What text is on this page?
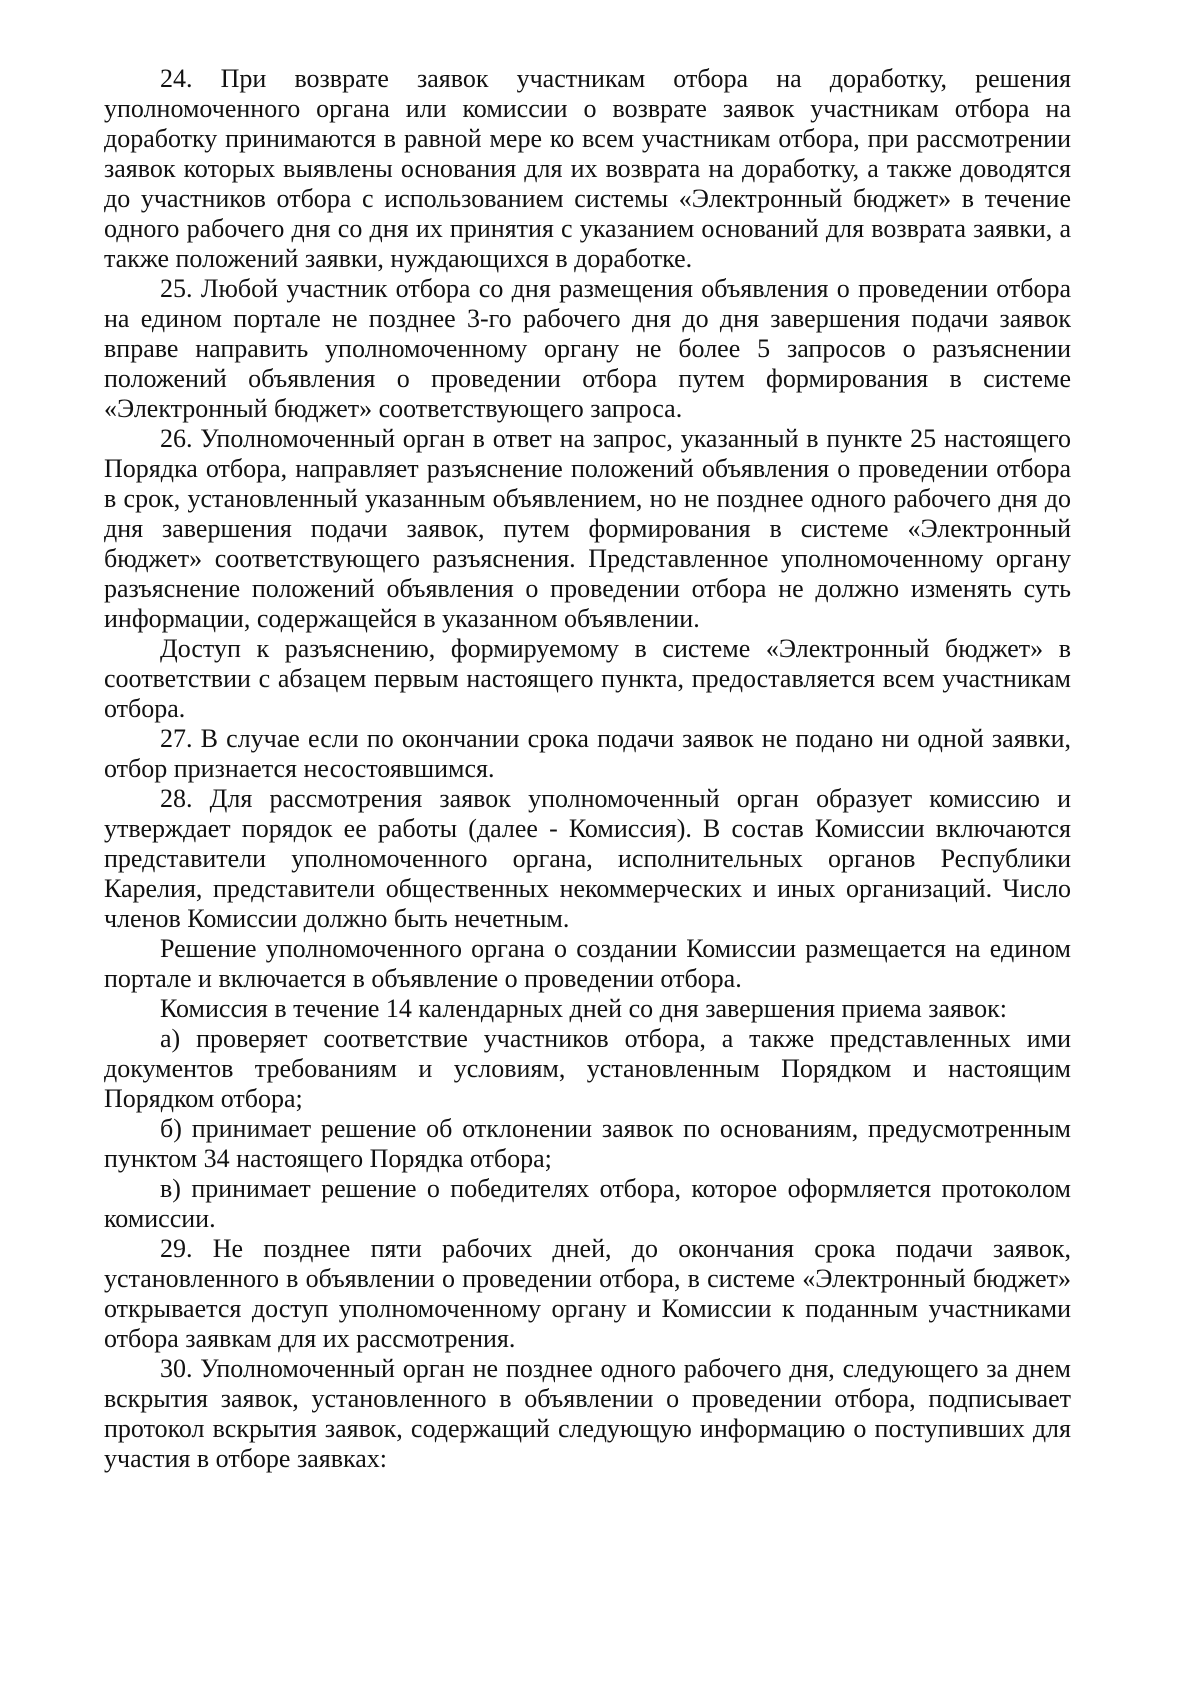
24. При возврате заявок участникам отбора на доработку, решения уполномоченного органа или комиссии о возврате заявок участникам отбора на доработку принимаются в равной мере ко всем участникам отбора, при рассмотрении заявок которых выявлены основания для их возврата на доработку, а также доводятся до участников отбора с использованием системы «Электронный бюджет» в течение одного рабочего дня со дня их принятия с указанием оснований для возврата заявки, а также положений заявки, нуждающихся в доработке.

25. Любой участник отбора со дня размещения объявления о проведении отбора на едином портале не позднее 3-го рабочего дня до дня завершения подачи заявок вправе направить уполномоченному органу не более 5 запросов о разъяснении положений объявления о проведении отбора путем формирования в системе «Электронный бюджет» соответствующего запроса.

26. Уполномоченный орган в ответ на запрос, указанный в пункте 25 настоящего Порядка отбора, направляет разъяснение положений объявления о проведении отбора в срок, установленный указанным объявлением, но не позднее одного рабочего дня до дня завершения подачи заявок, путем формирования в системе «Электронный бюджет» соответствующего разъяснения. Представленное уполномоченному органу разъяснение положений объявления о проведении отбора не должно изменять суть информации, содержащейся в указанном объявлении.

Доступ к разъяснению, формируемому в системе «Электронный бюджет» в соответствии с абзацем первым настоящего пункта, предоставляется всем участникам отбора.

27. В случае если по окончании срока подачи заявок не подано ни одной заявки, отбор признается несостоявшимся.

28. Для рассмотрения заявок уполномоченный орган образует комиссию и утверждает порядок ее работы (далее - Комиссия). В состав Комиссии включаются представители уполномоченного органа, исполнительных органов Республики Карелия, представители общественных некоммерческих и иных организаций. Число членов Комиссии должно быть нечетным.

Решение уполномоченного органа о создании Комиссии размещается на едином портале и включается в объявление о проведении отбора.

Комиссия в течение 14 календарных дней со дня завершения приема заявок:

а) проверяет соответствие участников отбора, а также представленных ими документов требованиям и условиям, установленным Порядком и настоящим Порядком отбора;

б) принимает решение об отклонении заявок по основаниям, предусмотренным пунктом 34 настоящего Порядка отбора;

в) принимает решение о победителях отбора, которое оформляется протоколом комиссии.

29. Не позднее пяти рабочих дней, до окончания срока подачи заявок, установленного в объявлении о проведении отбора, в системе «Электронный бюджет» открывается доступ уполномоченному органу и Комиссии к поданным участниками отбора заявкам для их рассмотрения.

30. Уполномоченный орган не позднее одного рабочего дня, следующего за днем вскрытия заявок, установленного в объявлении о проведении отбора, подписывает протокол вскрытия заявок, содержащий следующую информацию о поступивших для участия в отборе заявках:
